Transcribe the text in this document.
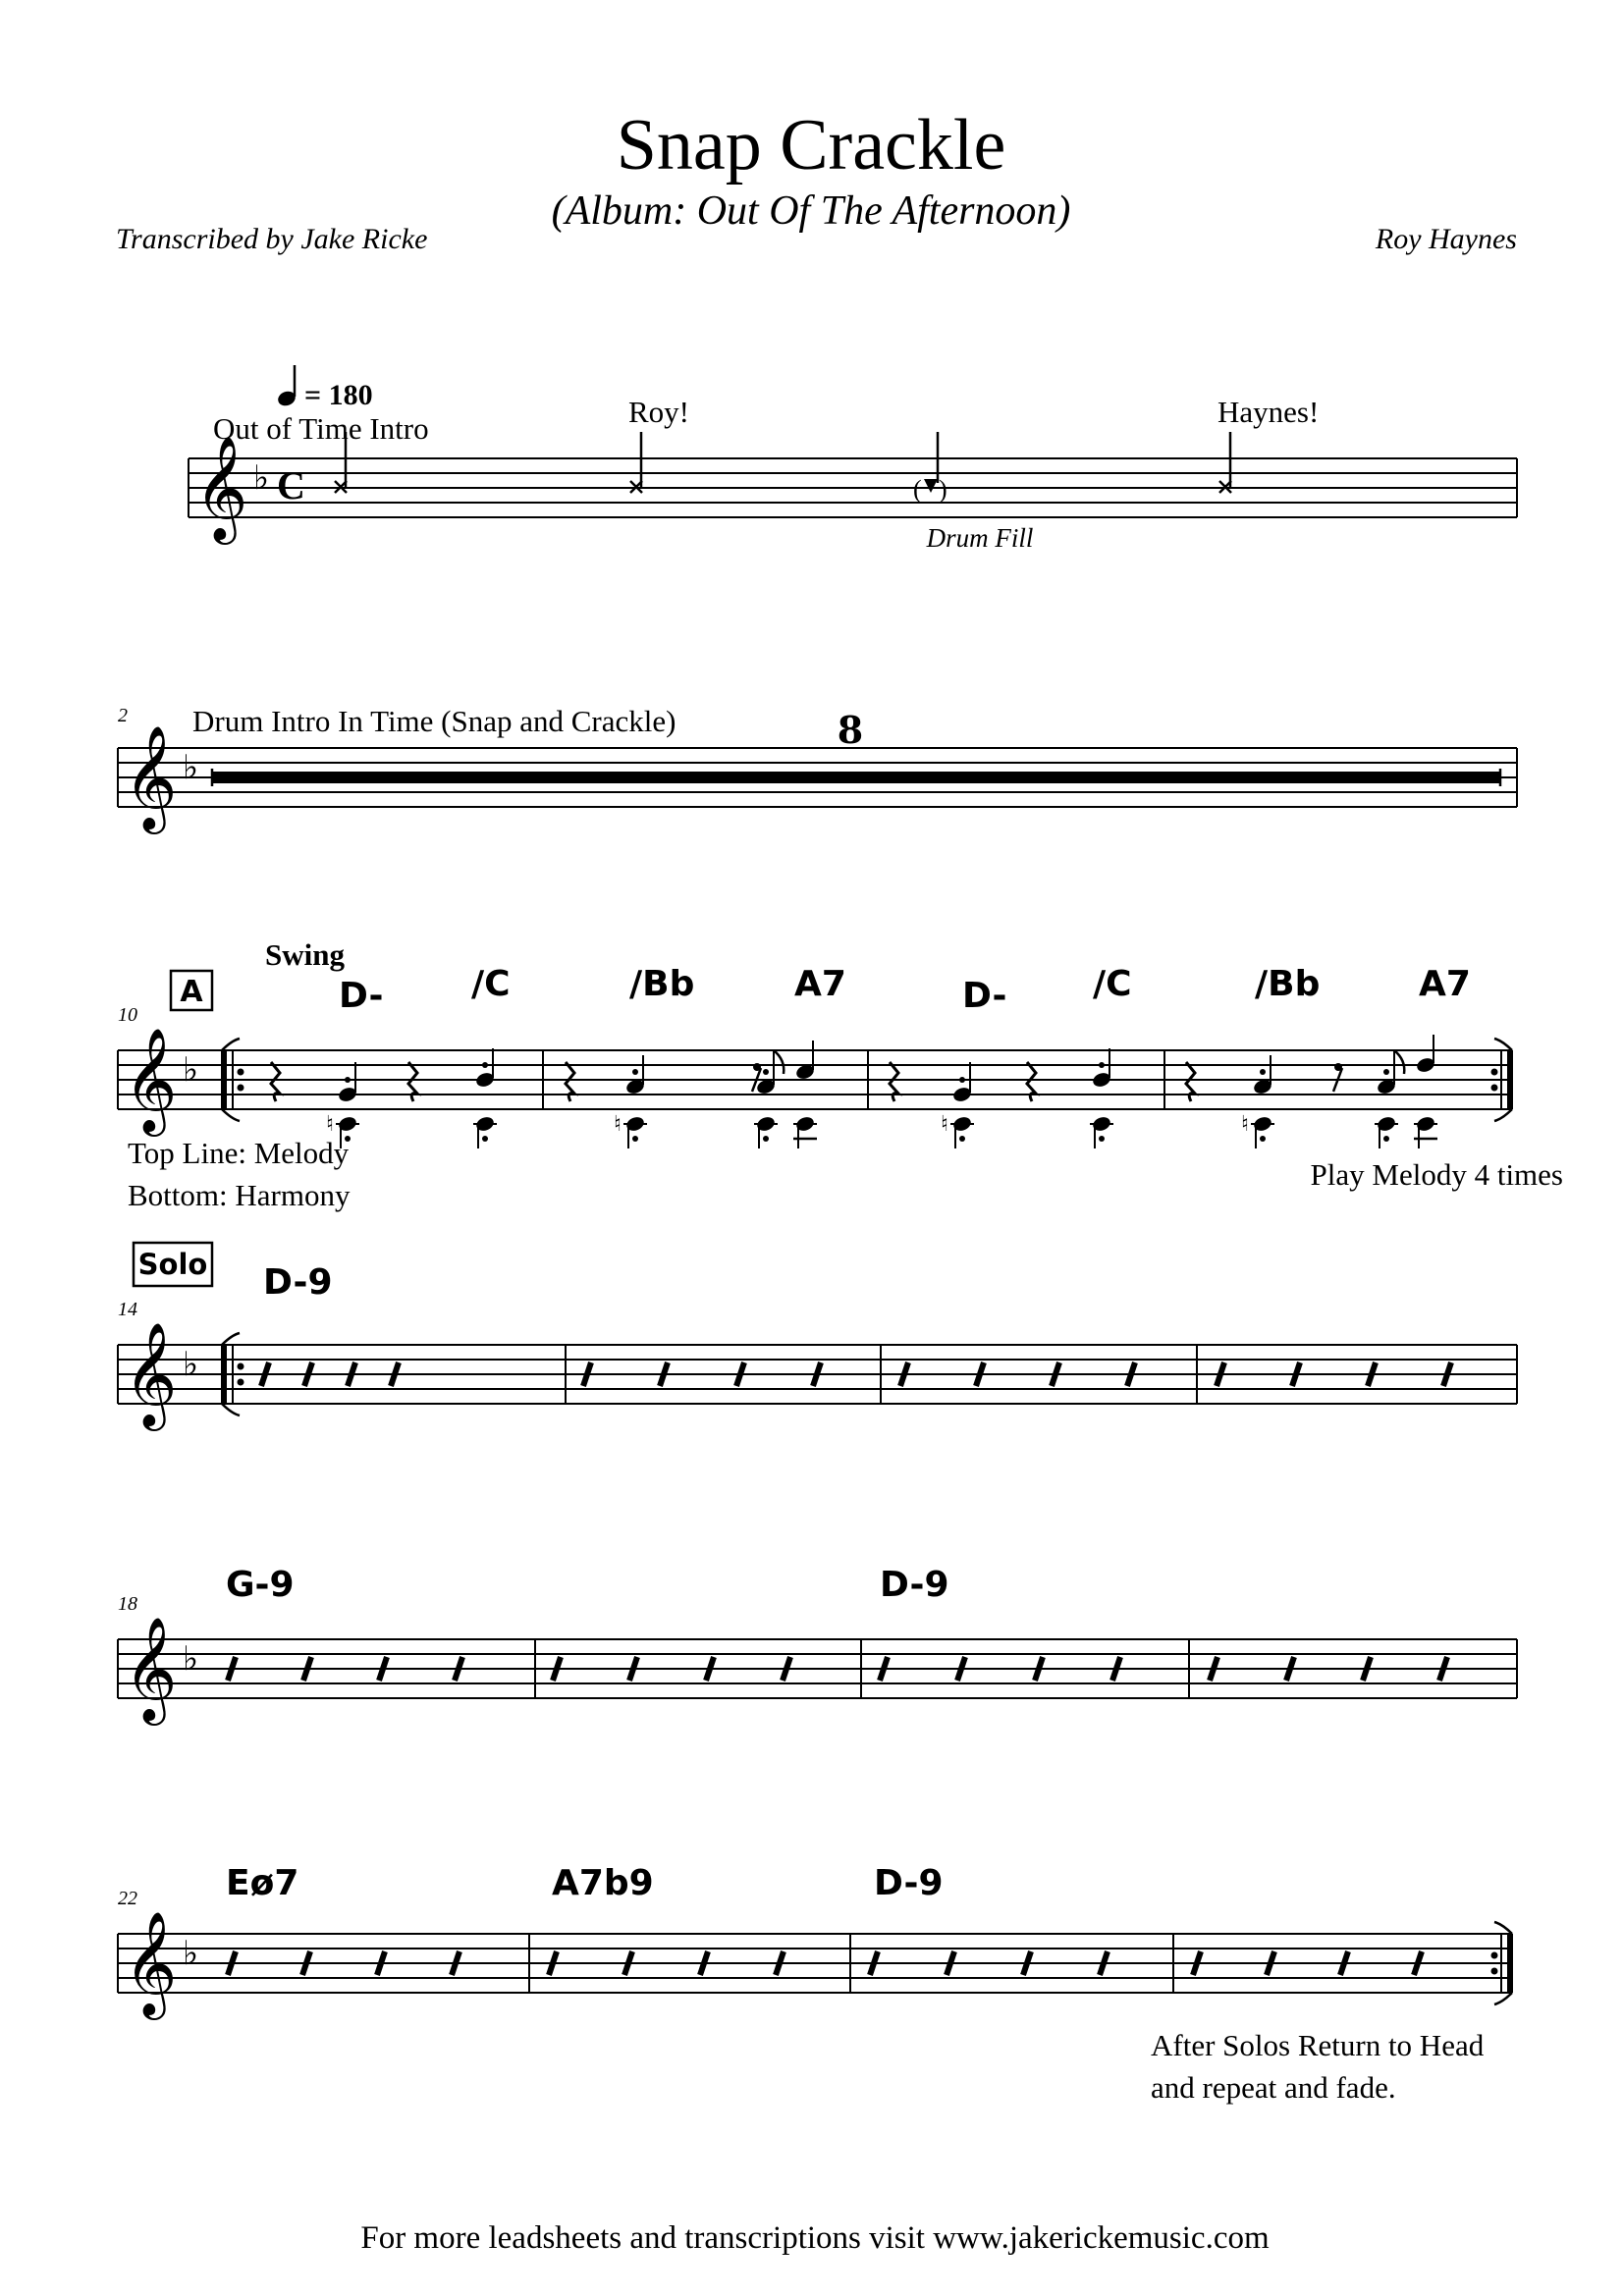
Snap Crackle
(Album: Out Of The Afternoon)
Transcribed by Jake Ricke	Roy Haynes
𝄞 ♭ C
= 180
Out of Time Intro	Roy!	Haynes!
( )
Drum Fill
2
𝄞 ♭
Drum Intro In Time (Snap and Crackle)	8
A
Swing
10
𝄞 ♭
D- /C	/Bb	A7	D- /C	/Bb	A7
♮	♮	♮	♮
Top Line: Melody
Bottom: Harmony
Play Melody 4 times
Solo
14
𝄞 ♭
D-9
18
𝄞 ♭
G-9	D-9
22
𝄞 ♭
Eø7	A7b9	D-9
After Solos Return to Head
and repeat and fade.
For more leadsheets and transcriptions visit www.jakerickemusic.com
